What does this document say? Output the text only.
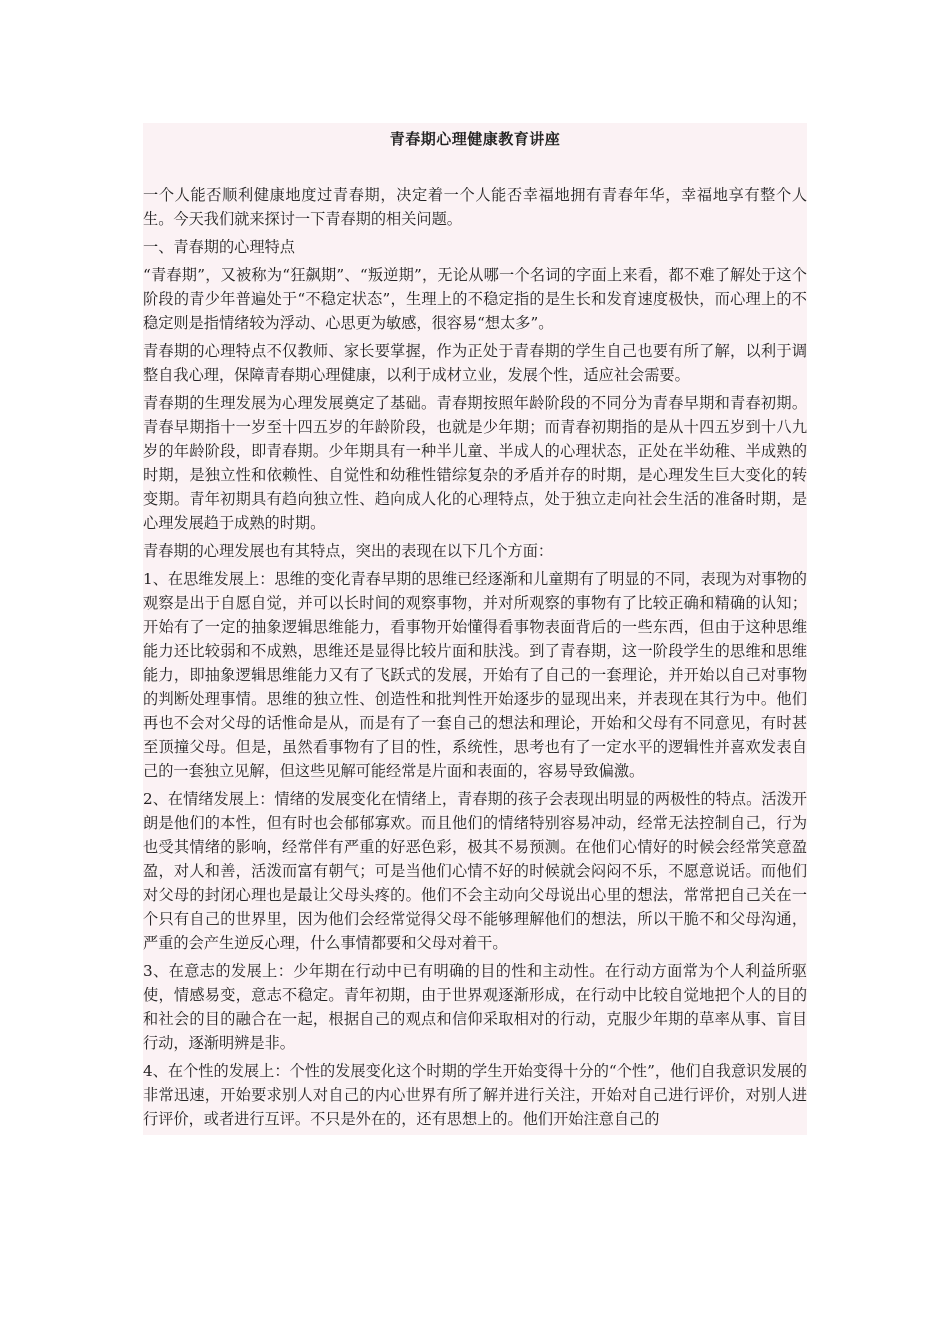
青春期心理健康教育讲座

一个人能否顺利健康地度过青春期，决定着一个人能否幸福地拥有青春年华，幸福地享有整个人生。今天我们就来探讨一下青春期的相关问题。

一、青春期的心理特点

“青春期”，又被称为“狂飙期”、“叛逆期”，无论从哪一个名词的字面上来看，都不难了解处于这个阶段的青少年普遍处于“不稳定状态”，生理上的不稳定指的是生长和发育速度极快，而心理上的不稳定则是指情绪较为浮动、心思更为敏感，很容易“想太多”。

青春期的心理特点不仅教师、家长要掌握，作为正处于青春期的学生自己也要有所了解，以利于调整自我心理，保障青春期心理健康，以利于成材立业，发展个性，适应社会需要。

青春期的生理发展为心理发展奠定了基础。青春期按照年龄阶段的不同分为青春早期和青春初期。青春早期指十一岁至十四五岁的年龄阶段，也就是少年期；而青春初期指的是从十四五岁到十八九岁的年龄阶段，即青春期。少年期具有一种半儿童、半成人的心理状态，正处在半幼稚、半成熟的时期，是独立性和依赖性、自觉性和幼稚性错综复杂的矛盾并存的时期，是心理发生巨大变化的转变期。青年初期具有趋向独立性、趋向成人化的心理特点，处于独立走向社会生活的准备时期，是心理发展趋于成熟的时期。

青春期的心理发展也有其特点，突出的表现在以下几个方面：

1、在思维发展上：思维的变化青春早期的思维已经逐渐和儿童期有了明显的不同，表现为对事物的观察是出于自愿自觉，并可以长时间的观察事物，并对所观察的事物有了比较正确和精确的认知；开始有了一定的抽象逻辑思维能力，看事物开始懂得看事物表面背后的一些东西，但由于这种思维能力还比较弱和不成熟，思维还是显得比较片面和肤浅。到了青春期，这一阶段学生的思维和思维能力，即抽象逻辑思维能力又有了飞跃式的发展，开始有了自己的一套理论，并开始以自己对事物的判断处理事情。思维的独立性、创造性和批判性开始逐步的显现出来，并表现在其行为中。他们再也不会对父母的话惟命是从，而是有了一套自己的想法和理论，开始和父母有不同意见，有时甚至顶撞父母。但是，虽然看事物有了目的性，系统性，思考也有了一定水平的逻辑性并喜欢发表自己的一套独立见解，但这些见解可能经常是片面和表面的，容易导致偏激。

2、在情绪发展上：情绪的发展变化在情绪上，青春期的孩子会表现出明显的两极性的特点。活泼开朗是他们的本性，但有时也会郁郁寡欢。而且他们的情绪特别容易冲动，经常无法控制自己，行为也受其情绪的影响，经常伴有严重的好恶色彩，极其不易预测。在他们心情好的时候会经常笑意盈盈，对人和善，活泼而富有朝气；可是当他们心情不好的时候就会闷闷不乐，不愿意说话。而他们对父母的封闭心理也是最让父母头疼的。他们不会主动向父母说出心里的想法，常常把自己关在一个只有自己的世界里，因为他们会经常觉得父母不能够理解他们的想法，所以干脆不和父母沟通，严重的会产生逆反心理，什么事情都要和父母对着干。

3、在意志的发展上：少年期在行动中已有明确的目的性和主动性。在行动方面常为个人利益所驱使，情感易变，意志不稳定。青年初期，由于世界观逐渐形成，在行动中比较自觉地把个人的目的和社会的目的融合在一起，根据自己的观点和信仰采取相对的行动，克服少年期的草率从事、盲目行动，逐渐明辨是非。

4、在个性的发展上：个性的发展变化这个时期的学生开始变得十分的“个性”，他们自我意识发展的非常迅速，开始要求别人对自己的内心世界有所了解并进行关注，开始对自己进行评价，对别人进行评价，或者进行互评。不只是外在的，还有思想上的。他们开始注意自己的
